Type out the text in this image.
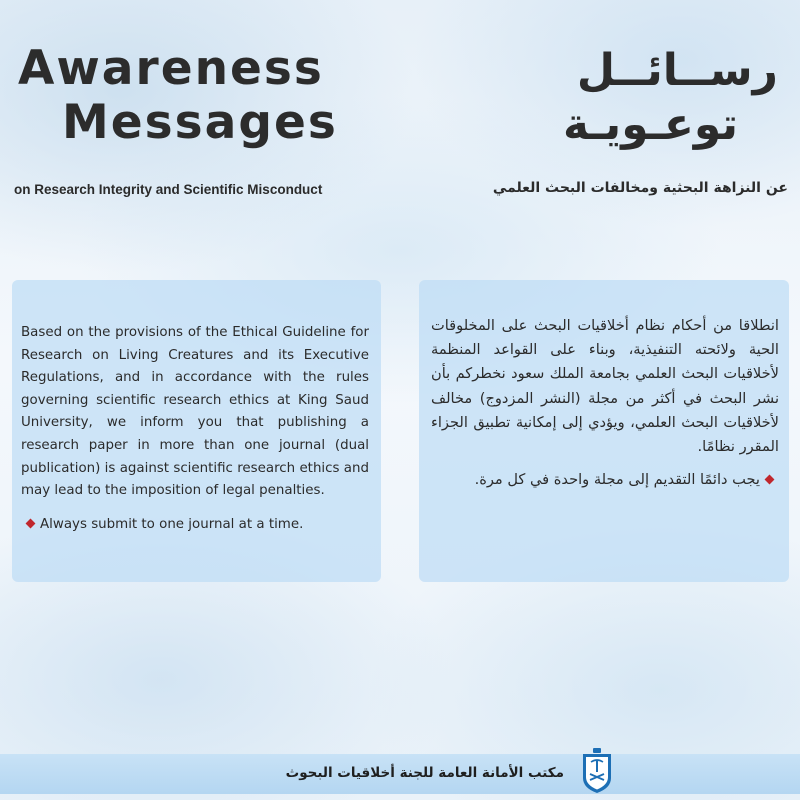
Awareness
Messages
on Research Integrity and Scientific Misconduct
رســائــل
توعـويـة
عن النزاهة البحثية ومخالفات البحث العلمي

Based on the provisions of the Ethical Guideline for Research on Living Creatures and its Executive Regulations, and in accordance with the rules governing scientific research ethics at King Saud University, we inform you that publishing a research paper in more than one journal (dual publication) is against scientific research ethics and may lead to the imposition of legal penalties.

Always submit to one journal at a time.

انطلاقا من أحكام نظام أخلاقيات البحث على المخلوقات الحية ولائحته التنفيذية، وبناء على القواعد المنظمة لأخلاقيات البحث العلمي بجامعة الملك سعود نخطركم بأن نشر البحث في أكثر من مجلة (النشر المزدوج) مخالف لأخلاقيات البحث العلمي، ويؤدي إلى إمكانية تطبيق الجزاء المقرر نظامًا.

يجب دائمًا التقديم إلى مجلة واحدة في كل مرة.
مكتب الأمانة العامة للجنة أخلاقيات البحوث
